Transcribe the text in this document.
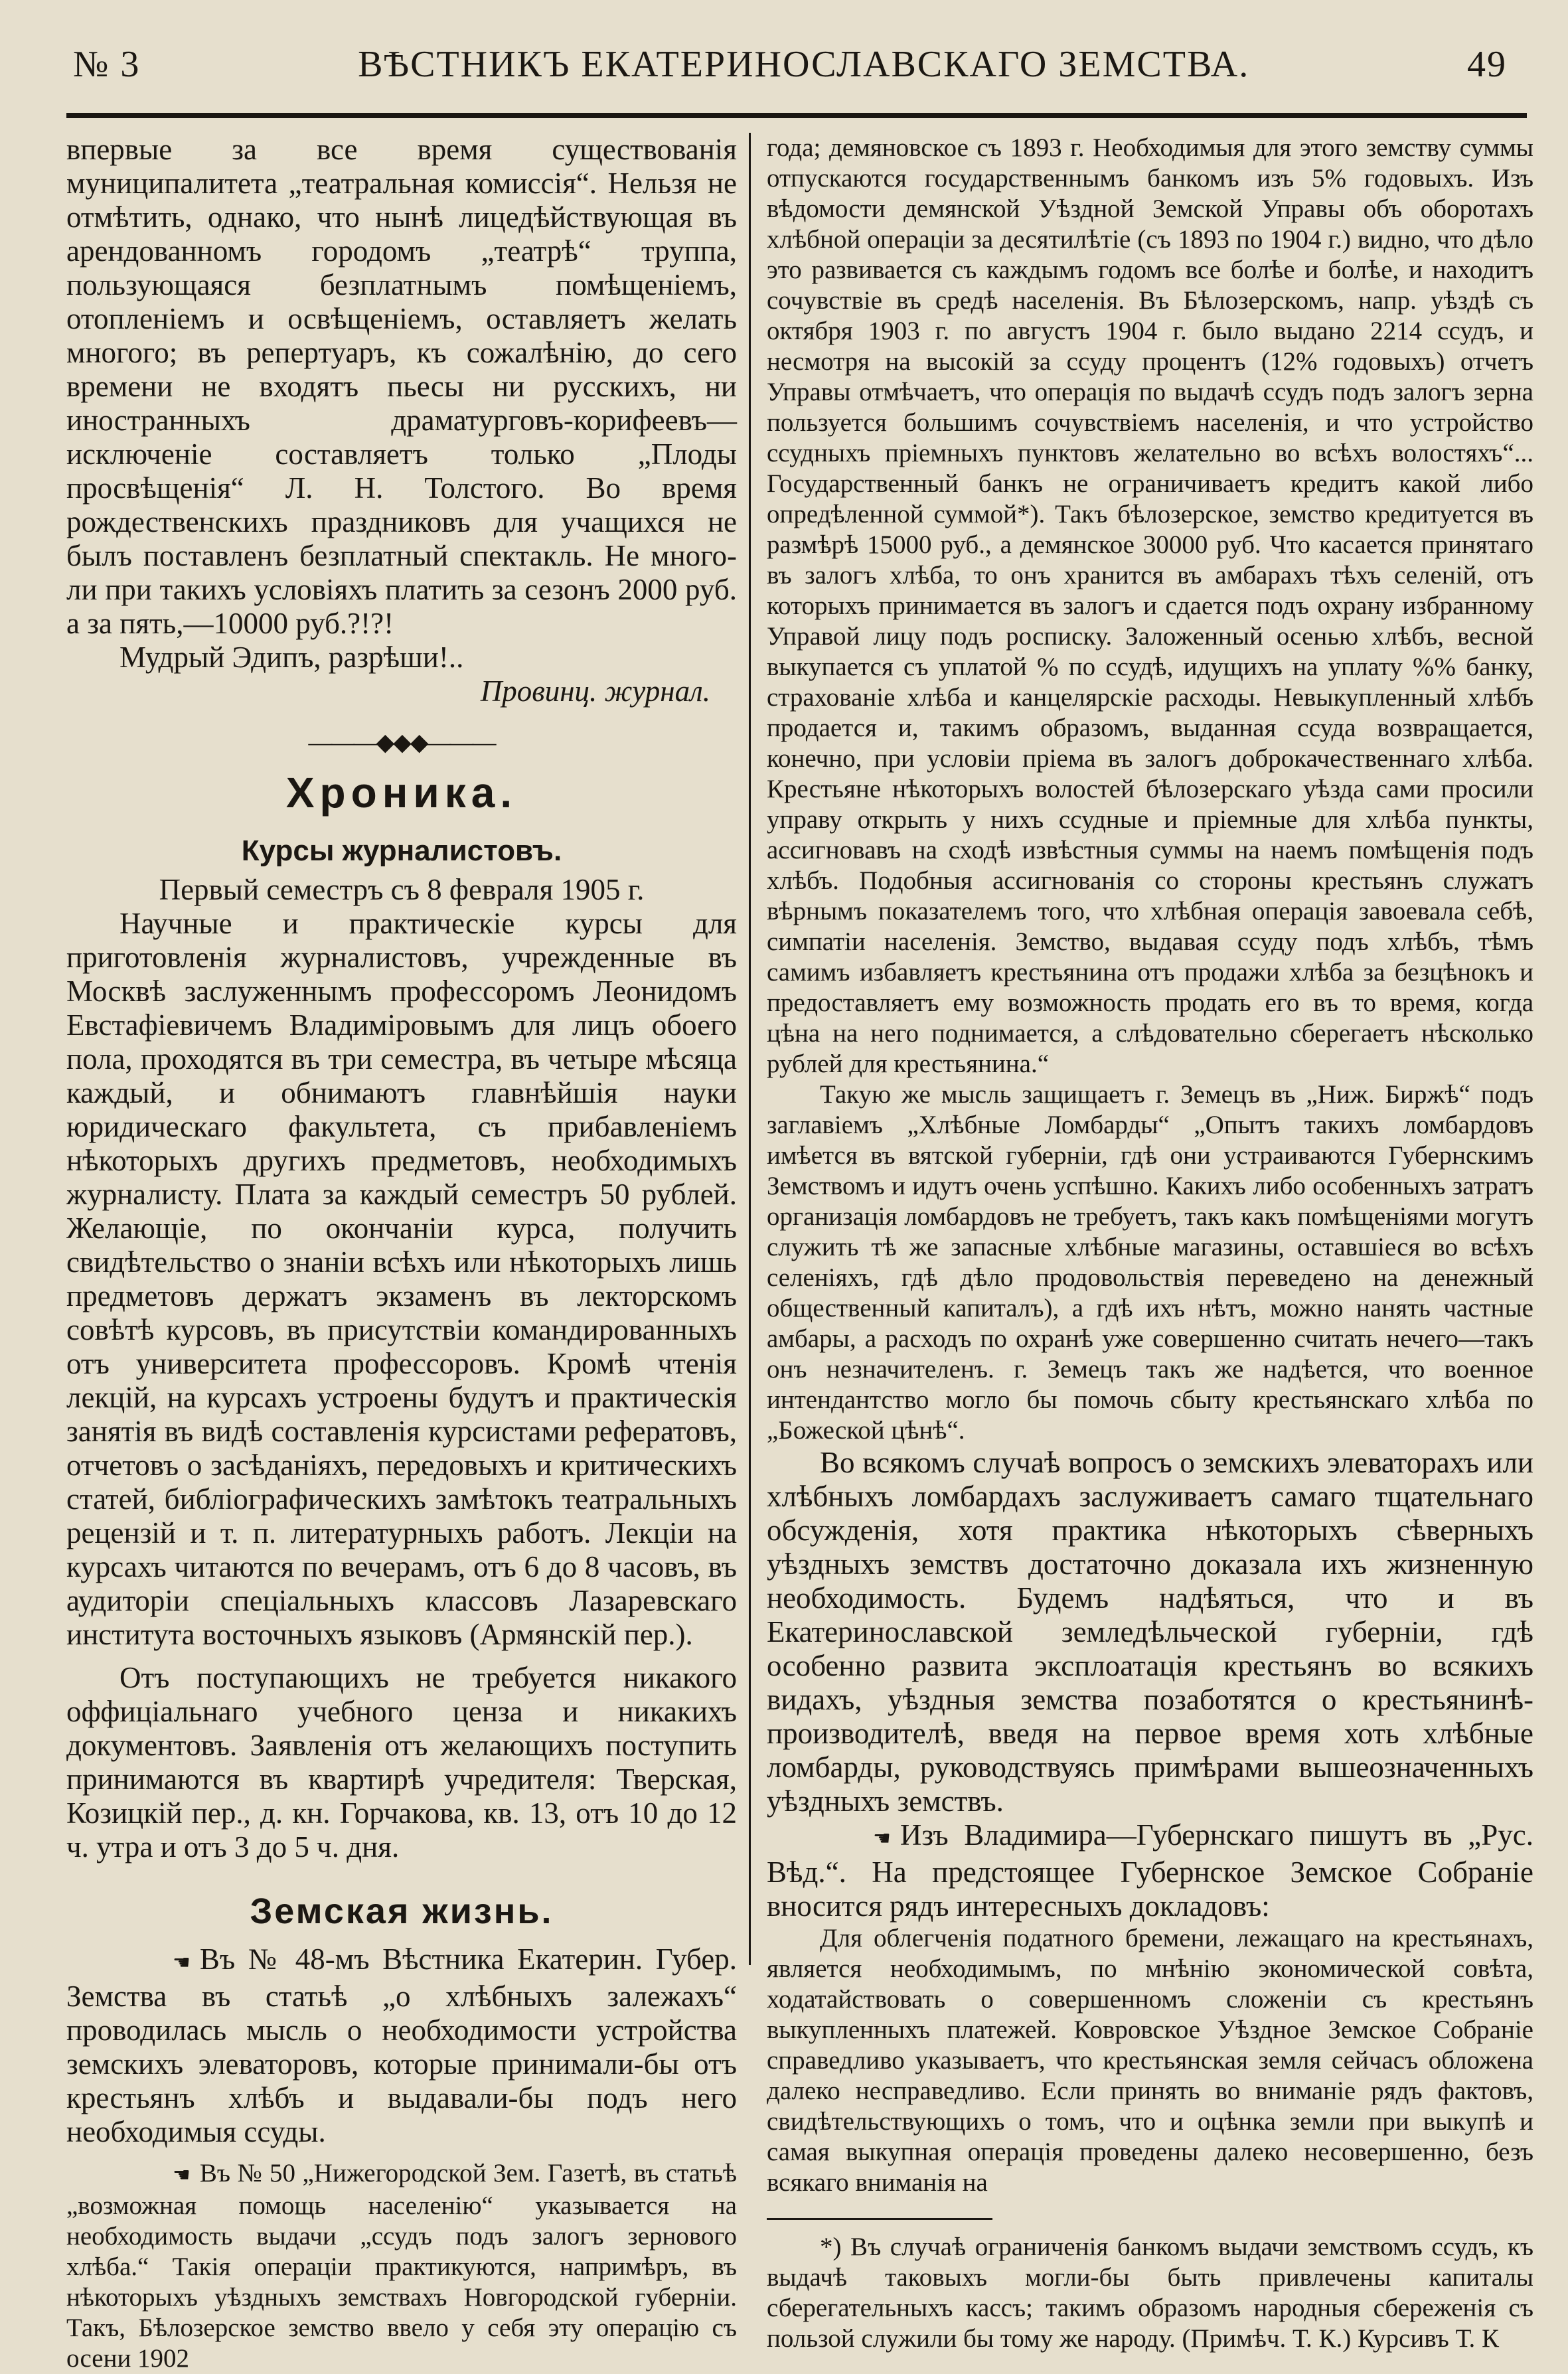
№ 3	ВѢСТНИКЪ ЕКАТЕРИНОСЛАВСКАГО ЗЕМСТВА.	49

впервые за все время существованія муниципалитета „театральная комиссія“. Нельзя не отмѣтить, однако, что нынѣ лицедѣйствующая въ арендованномъ городомъ „театрѣ“ труппа, пользующаяся безплатнымъ помѣщеніемъ, отопленіемъ и освѣщеніемъ, оставляетъ желать многого; въ репертуаръ, къ сожалѣнію, до сего времени не входятъ пьесы ни русскихъ, ни иностранныхъ драматурговъ-корифеевъ—исключеніе составляетъ только „Плоды просвѣщенія“ Л. Н. Толстого. Во время рождественскихъ праздниковъ для учащихся не былъ поставленъ безплатный спектакль. Не много-ли при такихъ условіяхъ платить за сезонъ 2000 руб. а за пять,—10000 руб.?!?!

Мудрый Эдипъ, разрѣши!..

Провинц. журнал.

———◆◆◆———
Хроника.
Курсы журналистовъ.

Первый семестръ съ 8 февраля 1905 г.

Научные и практическіе курсы для приготовленія журналистовъ, учрежденные въ Москвѣ заслуженнымъ профессоромъ Леонидомъ Евстафіевичемъ Владиміровымъ для лицъ обоего пола, проходятся въ три семестра, въ четыре мѣсяца каждый, и обнимаютъ главнѣйшія науки юридическаго факультета, съ прибавленіемъ нѣкоторыхъ другихъ предметовъ, необходимыхъ журналисту. Плата за каждый семестръ 50 рублей. Желающіе, по окончаніи курса, получить свидѣтельство о знаніи всѣхъ или нѣкоторыхъ лишь предметовъ держатъ экзаменъ въ лекторскомъ совѣтѣ курсовъ, въ присутствіи командированныхъ отъ университета профессоровъ. Кромѣ чтенія лекцій, на курсахъ устроены будутъ и практическія занятія въ видѣ составленія курсистами рефератовъ, отчетовъ о засѣданіяхъ, передовыхъ и критическихъ статей, библіографическихъ замѣтокъ театральныхъ рецензій и т. п. литературныхъ работъ. Лекціи на курсахъ читаются по вечерамъ, отъ 6 до 8 часовъ, въ аудиторіи спеціальныхъ классовъ Лазаревскаго института восточныхъ языковъ (Армянскій пер.).

Отъ поступающихъ не требуется никакого оффиціальнаго учебного ценза и никакихъ документовъ. Заявленія отъ желающихъ поступить принимаются въ квартирѣ учредителя: Тверская, Козицкій пер., д. кн. Горчакова, кв. 13, отъ 10 до 12 ч. утра и отъ 3 до 5 ч. дня.

Земская жизнь.

☚ Въ № 48-мъ Вѣстника Екатерин. Губер. Земства въ статьѣ „о хлѣбныхъ залежахъ“ проводилась мысль о необходимости устройства земскихъ элеваторовъ, которые принимали-бы отъ крестьянъ хлѣбъ и выдавали-бы подъ него необходимыя ссуды.

☚ Въ № 50 „Нижегородской Зем. Газетѣ, въ статьѣ „возможная помощь населенію“ указывается на необходимость выдачи „ссудъ подъ залогъ зернового хлѣба.“ Такія операціи практикуются, напримѣръ, въ нѣкоторыхъ уѣздныхъ земствахъ Новгородской губерніи. Такъ, Бѣлозерское земство ввело у себя эту операцію съ осени 1902

года; демяновское съ 1893 г. Необходимыя для этого земству суммы отпускаются государственнымъ банкомъ изъ 5% годовыхъ. Изъ вѣдомости демянской Уѣздной Земской Управы объ оборотахъ хлѣбной операціи за десятилѣтіе (съ 1893 по 1904 г.) видно, что дѣло это развивается съ каждымъ годомъ все болѣе и болѣе, и находитъ сочувствіе въ средѣ населенія. Въ Бѣлозерскомъ, напр. уѣздѣ съ октября 1903 г. по августъ 1904 г. было выдано 2214 ссудъ, и несмотря на высокій за ссуду процентъ (12% годовыхъ) отчетъ Управы отмѣчаетъ, что операція по выдачѣ ссудъ подъ залогъ зерна пользуется большимъ сочувствіемъ населенія, и что устройство ссудныхъ пріемныхъ пунктовъ желательно во всѣхъ волостяхъ“... Государственный банкъ не ограничиваетъ кредитъ какой либо опредѣленной суммой*). Такъ бѣлозерское, земство кредитуется въ размѣрѣ 15000 руб., а демянское 30000 руб. Что касается принятаго въ залогъ хлѣба, то онъ хранится въ амбарахъ тѣхъ селеній, отъ которыхъ принимается въ залогъ и сдается подъ охрану избранному Управой лицу подъ росписку. Заложенный осенью хлѣбъ, весной выкупается съ уплатой % по ссудѣ, идущихъ на уплату %% банку, страхованіе хлѣба и канцелярскіе расходы. Невыкупленный хлѣбъ продается и, такимъ образомъ, выданная ссуда возвращается, конечно, при условіи пріема въ залогъ доброкачественнаго хлѣба. Крестьяне нѣкоторыхъ волостей бѣлозерскаго уѣзда сами просили управу открыть у нихъ ссудные и пріемные для хлѣба пункты, ассигновавъ на сходѣ извѣстныя суммы на наемъ помѣщенія подъ хлѣбъ. Подобныя ассигнованія со стороны крестьянъ служатъ вѣрнымъ показателемъ того, что хлѣбная операція завоевала себѣ, симпатіи населенія. Земство, выдавая ссуду подъ хлѣбъ, тѣмъ самимъ избавляетъ крестьянина отъ продажи хлѣба за безцѣнокъ и предоставляетъ ему возможность продать его въ то время, когда цѣна на него поднимается, а слѣдовательно сберегаетъ нѣсколько рублей для крестьянина.“

Такую же мысль защищаетъ г. Земецъ въ „Ниж. Биржѣ“ подъ заглавіемъ „Хлѣбные Ломбарды“ „Опытъ такихъ ломбардовъ имѣется въ вятской губерніи, гдѣ они устраиваются Губернскимъ Земствомъ и идутъ очень успѣшно. Какихъ либо особенныхъ затратъ организація ломбардовъ не требуетъ, такъ какъ помѣщеніями могутъ служить тѣ же запасные хлѣбные магазины, оставшіеся во всѣхъ селеніяхъ, гдѣ дѣло продовольствія переведено на денежный общественный капиталъ), а гдѣ ихъ нѣтъ, можно нанять частные амбары, а расходъ по охранѣ уже совершенно считать нечего—такъ онъ незначителенъ. г. Земецъ такъ же надѣется, что военное интендантство могло бы помочь сбыту крестьянскаго хлѣба по „Божеской цѣнѣ“.

Во всякомъ случаѣ вопросъ о земскихъ элеваторахъ или хлѣбныхъ ломбардахъ заслуживаетъ самаго тщательнаго обсужденія, хотя практика нѣкоторыхъ сѣверныхъ уѣздныхъ земствъ достаточно доказала ихъ жизненную необходимость. Будемъ надѣяться, что и въ Екатеринославской земледѣльческой губерніи, гдѣ особенно развита эксплоатація крестьянъ во всякихъ видахъ, уѣздныя земства позаботятся о крестьянинѣ-производителѣ, введя на первое время хоть хлѣбные ломбарды, руководствуясь примѣрами вышеозначенныхъ уѣздныхъ земствъ.

☚ Изъ Владимира—Губернскагo пишутъ въ „Рус. Вѣд.“. На предстоящее Губернское Земское Собраніе вносится рядъ интересныхъ докладовъ:

Для облегченія податного бремени, лежащаго на крестьянахъ, является необходимымъ, по мнѣнію экономической совѣта, ходатайствовать о совершенномъ сложеніи съ крестьянъ выкупленныхъ платежей. Ковровское Уѣздное Земское Собраніе справедливо указываетъ, что крестьянская земля сейчасъ обложена далеко несправедливо. Если принять во вниманіе рядъ фактовъ, свидѣтельствующихъ о томъ, что и оцѣнка земли при выкупѣ и самая выкупная операція проведены далеко несовершенно, безъ всякаго вниманія на

*) Въ случаѣ ограниченія банкомъ выдачи земствомъ ссудъ, къ выдачѣ таковыхъ могли-бы быть привлечены капиталы сберегательныхъ кассъ; такимъ образомъ народныя сбереженія съ пользой служили бы тому же народу. (Примѣч. Т. К.) Курсивъ Т. К
